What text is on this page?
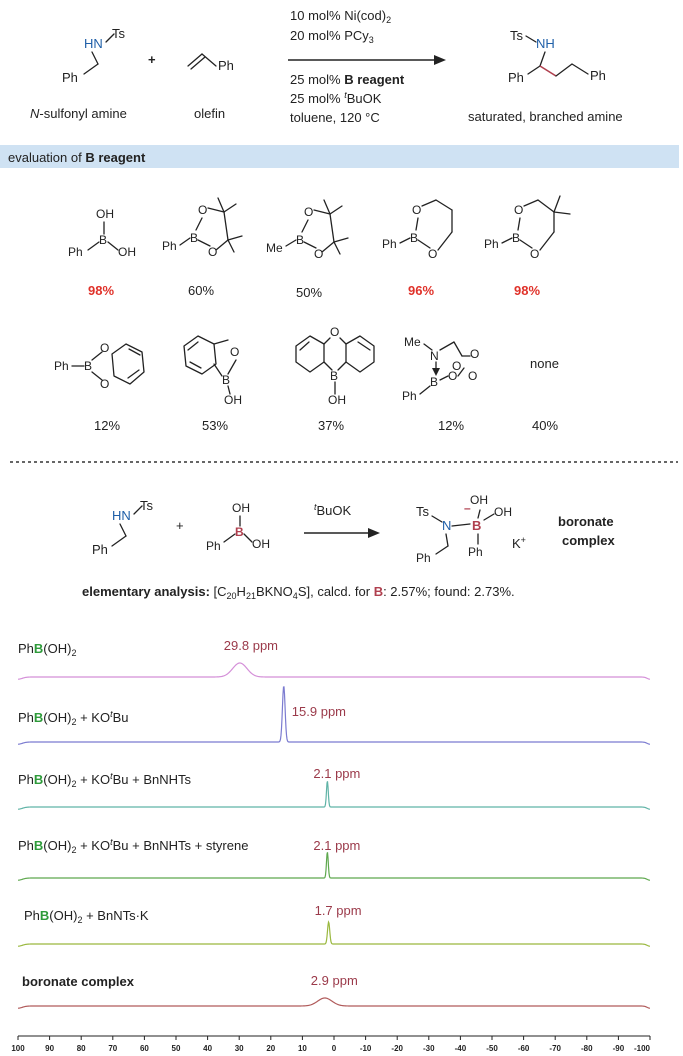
HN
Ts
Ph
+	Ph
N-sulfonyl amine	olefin
10 mol% $Ni(cod)_2$
20 mol% PCy$_3$
25 mol% B reagent
25 mol% $^t$BuOK
toluene, 120 °C
Ts
NH
Ph	Ph
saturated, branched amine
evaluation of B reagent
OH
B
OH
Ph	Ph
B
O
O	Me
B
O
O
Ph B
O
O
Ph B
O
O
98%	60%	50%	96%	98%
Ph B
O
O
O
B
OH
O
B
OH
Me
N	O
B O O
O
Ph
none
12%	53%	37%	12%	40%
HN
Ts
Ph
+
OH
B
OH
Ph
$^t$BuOK	Ts
N
–
B
OH
OH
Ph
Ph
K+
boronate
complex
elementary analysis: $[C_{20}H_{21}BKNO_4S]$, calcd. for B: 2.57%; found: 2.73%.
29.8 ppm
15.9 ppm
2.1 ppm
2.1 ppm
1.7 ppm
2.9 ppm
$PhB(OH)_2$
$PhB(OH)_2 + KO^tBu$
$PhB(OH)_2 + KO^tBu$ + BnNHTs
$PhB(OH)_2 + KO^tBu$ + BnNHTs + styrene
$PhB(OH)_2$ + BnNTs·K
boronate complex
100	90	80	70	60	50	40	30	20	10	0	-10	-20	-30	-40	-50	-60	-70	-80	-90 -100
